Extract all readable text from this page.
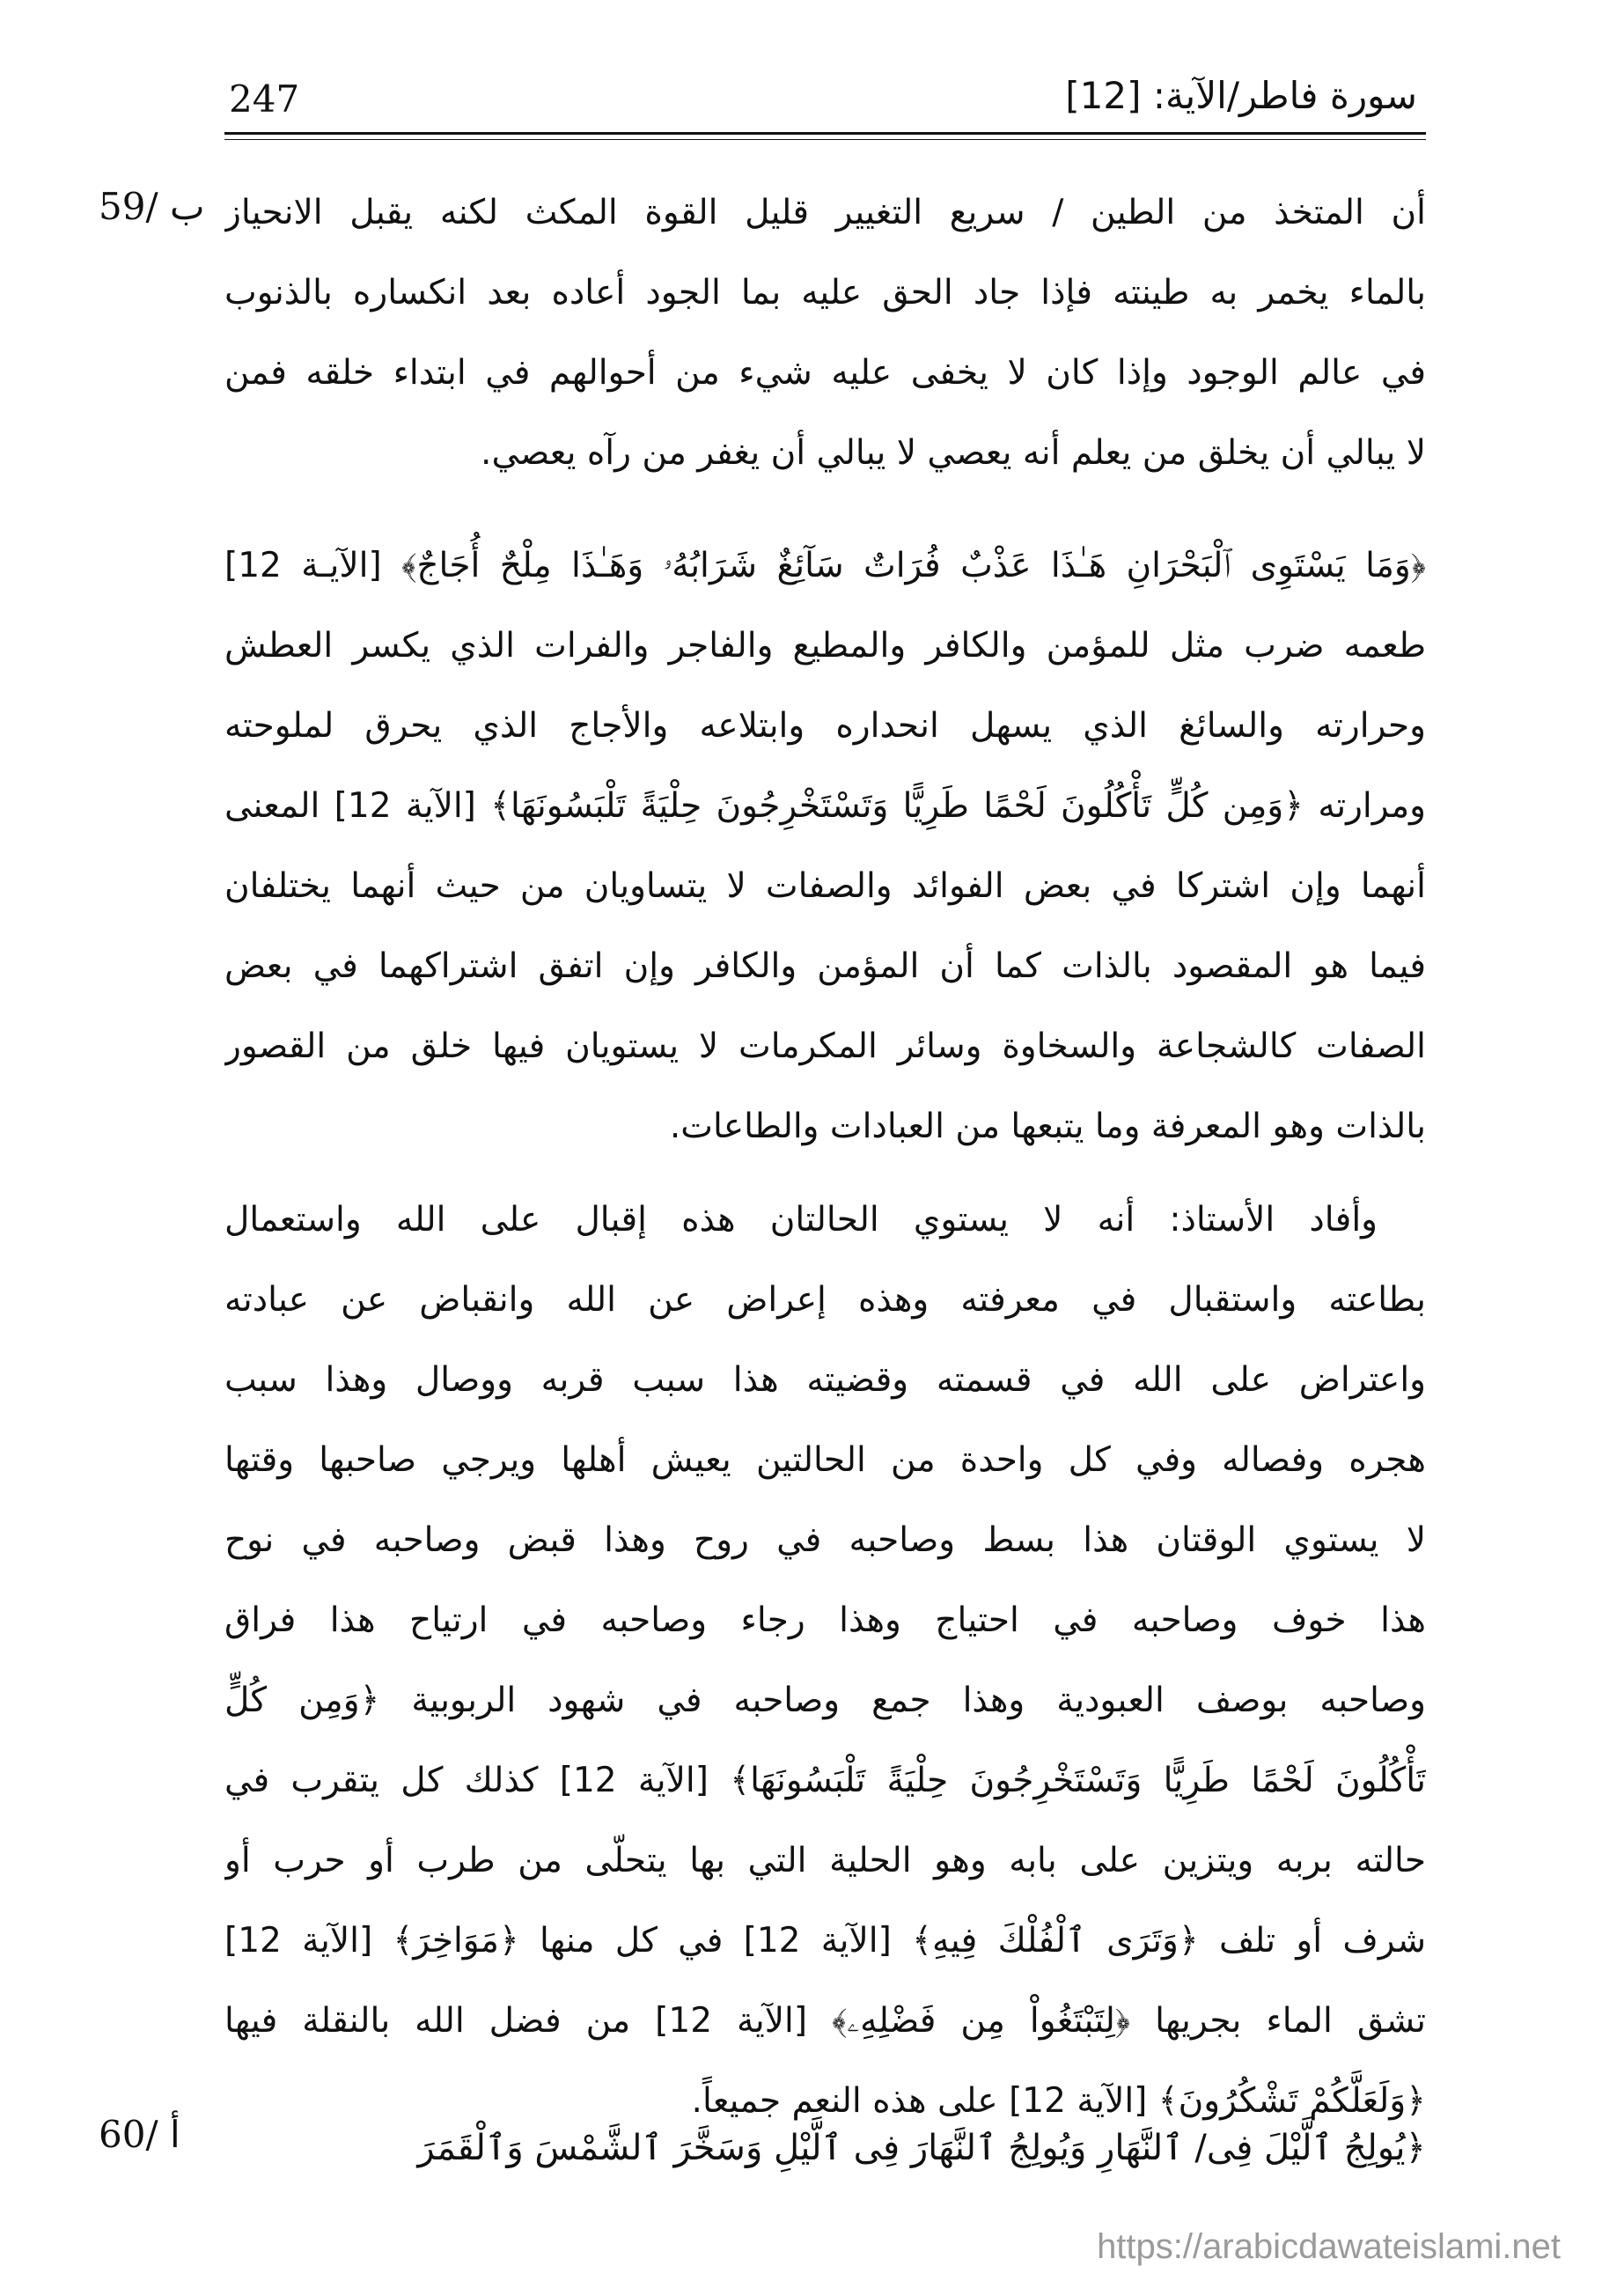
247	سورة فاطر/الآية: [12]
59/ ب
60/ أ
أن المتخذ من الطين / سريع التغيير قليل القوة المكث لكنه يقبل الانحياز
بالماء يخمر به طينته فإذا جاد الحق عليه بما الجود أعاده بعد انكساره بالذنوب
في عالم الوجود وإذا كان لا يخفى عليه شيء من أحوالهم في ابتداء خلقه فمن
لا يبالي أن يخلق من يعلم أنه يعصي لا يبالي أن يغفر من رآه يعصي.
﴿وَمَا يَسْتَوِى ٱلْبَحْرَانِ هَـٰذَا عَذْبٌ فُرَاتٌ سَآئِغٌ شَرَابُهُۥ وَهَـٰذَا مِلْحٌ أُجَاجٌ﴾ [الآيـة 12]
طعمه ضرب مثل للمؤمن والكافر والمطيع والفاجر والفرات الذي يكسر العطش
وحرارته والسائغ الذي يسهل انحداره وابتلاعه والأجاج الذي يحرق لملوحته
ومرارته ﴿وَمِن كُلٍّ تَأْكُلُونَ لَحْمًا طَرِيًّا وَتَسْتَخْرِجُونَ حِلْيَةً تَلْبَسُونَهَا﴾ [الآية 12] المعنى
أنهما وإن اشتركا في بعض الفوائد والصفات لا يتساويان من حيث أنهما يختلفان
فيما هو المقصود بالذات كما أن المؤمن والكافر وإن اتفق اشتراكهما في بعض
الصفات كالشجاعة والسخاوة وسائر المكرمات لا يستويان فيها خلق من القصور
بالذات وهو المعرفة وما يتبعها من العبادات والطاعات.
وأفاد الأستاذ: أنه لا يستوي الحالتان هذه إقبال على الله واستعمال
بطاعته واستقبال في معرفته وهذه إعراض عن الله وانقباض عن عبادته
واعتراض على الله في قسمته وقضيته هذا سبب قربه ووصال وهذا سبب
هجره وفصاله وفي كل واحدة من الحالتين يعيش أهلها ويرجي صاحبها وقتها
لا يستوي الوقتان هذا بسط وصاحبه في روح وهذا قبض وصاحبه في نوح
هذا خوف وصاحبه في احتياج وهذا رجاء وصاحبه في ارتياح هذا فراق
وصاحبه بوصف العبودية وهذا جمع وصاحبه في شهود الربوبية ﴿وَمِن كُلٍّ
تَأْكُلُونَ لَحْمًا طَرِيًّا وَتَسْتَخْرِجُونَ حِلْيَةً تَلْبَسُونَهَا﴾ [الآية 12] كذلك كل يتقرب في
حالته بربه ويتزين على بابه وهو الحلية التي بها يتحلّى من طرب أو حرب أو
شرف أو تلف ﴿وَتَرَى ٱلْفُلْكَ فِيهِ﴾ [الآية 12] في كل منها ﴿مَوَاخِرَ﴾ [الآية 12]
تشق الماء بجريها ﴿لِتَبْتَغُواْ مِن فَضْلِهِۦ﴾ [الآية 12] من فضل الله بالنقلة فيها
﴿وَلَعَلَّكُمْ تَشْكُرُونَ﴾ [الآية 12] على هذه النعم جميعاً.
﴿يُولِجُ ٱلَّيْلَ فِى/ ٱلنَّهَارِ وَيُولِجُ ٱلنَّهَارَ فِى ٱلَّيْلِ وَسَخَّرَ ٱلشَّمْسَ وَٱلْقَمَرَ
https://arabicdawateislami.net
